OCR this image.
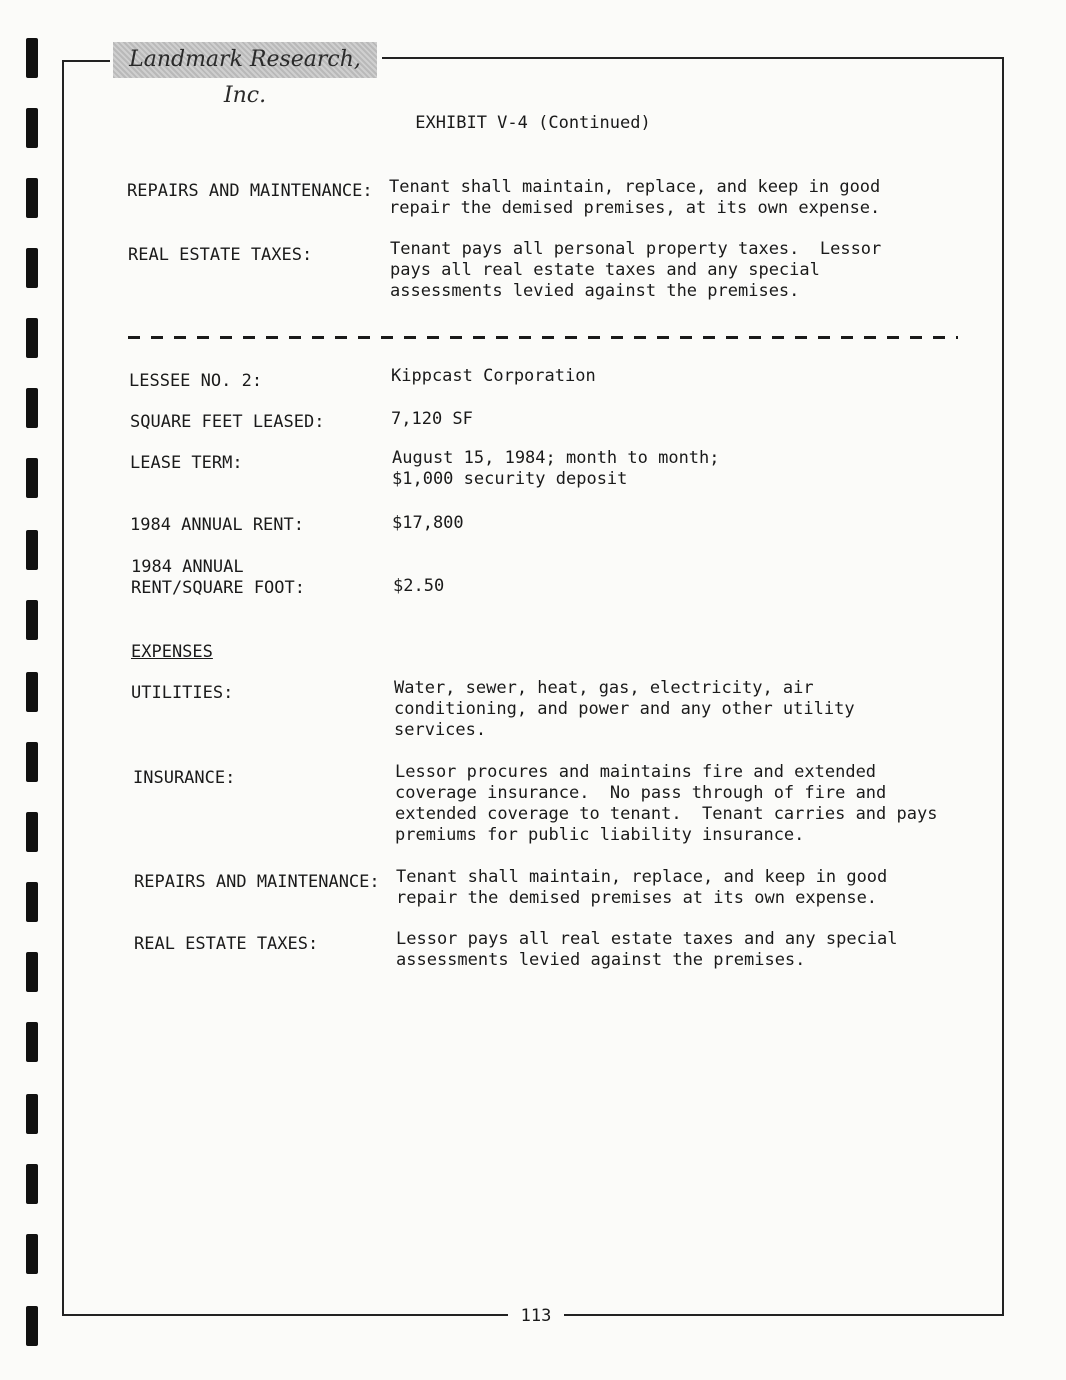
Landmark Research, Inc.
EXHIBIT V-4 (Continued)
REPAIRS AND MAINTENANCE: Tenant shall maintain, replace, and keep in good
repair the demised premises, at its own expense.
REAL ESTATE TAXES:	Tenant pays all personal property taxes.  Lessor
pays all real estate taxes and any special
assessments levied against the premises.
LESSEE NO. 2:	Kippcast Corporation
SQUARE FEET LEASED:	7,120 SF
LEASE TERM:	August 15, 1984; month to month;
$1,000 security deposit
1984 ANNUAL RENT:	$17,800
1984 ANNUAL
RENT/SQUARE FOOT:	$2.50
EXPENSES
UTILITIES:	Water, sewer, heat, gas, electricity, air
conditioning, and power and any other utility
services.
INSURANCE:	Lessor procures and maintains fire and extended
coverage insurance.  No pass through of fire and
extended coverage to tenant.  Tenant carries and pays
premiums for public liability insurance.
REPAIRS AND MAINTENANCE: Tenant shall maintain, replace, and keep in good
repair the demised premises at its own expense.
REAL ESTATE TAXES:	Lessor pays all real estate taxes and any special
assessments levied against the premises.
113
